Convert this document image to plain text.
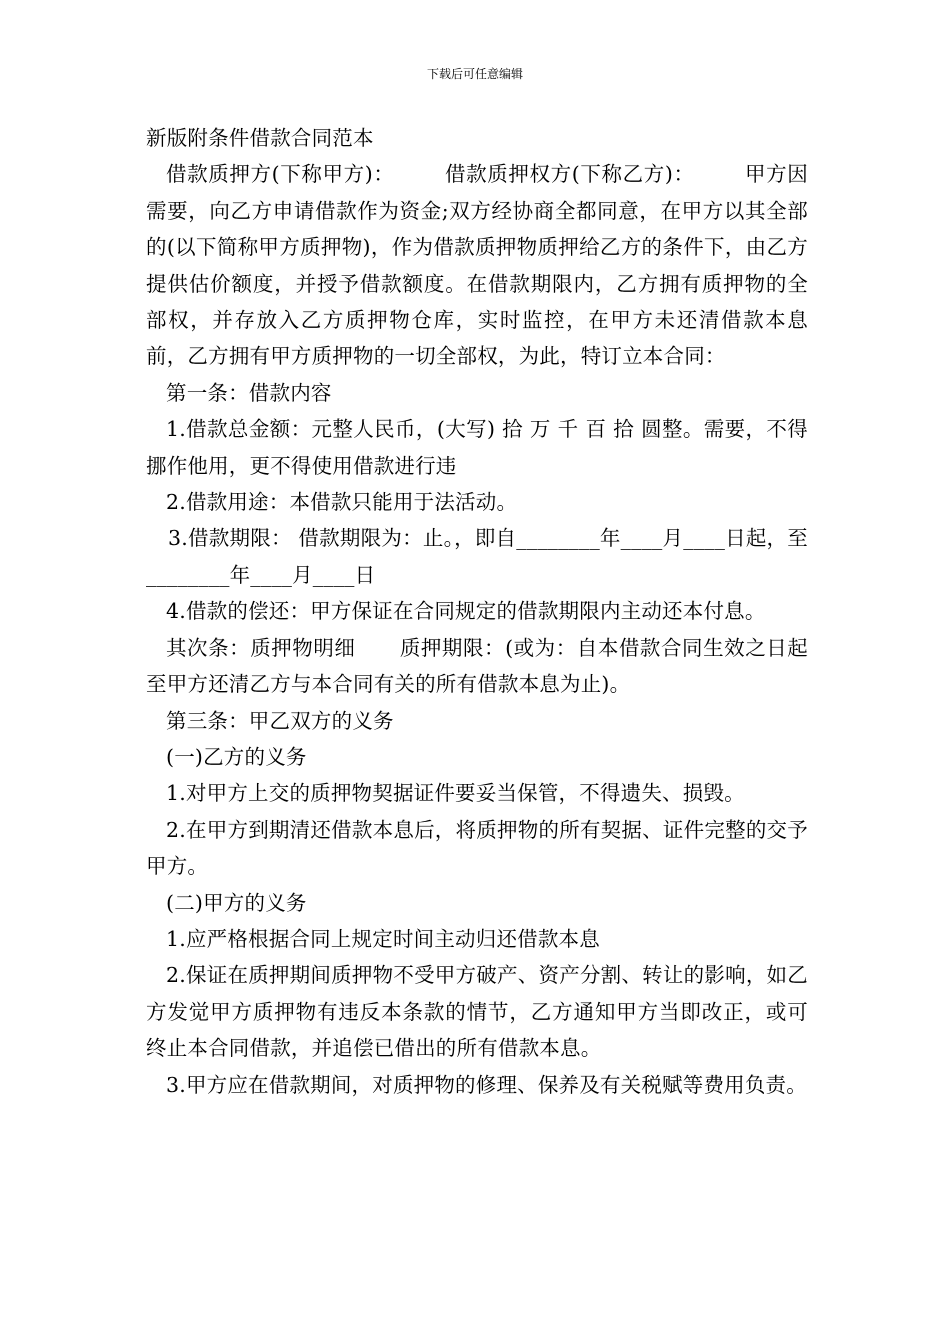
下载后可任意编辑

新版附条件借款合同范本

借款质押方(下称甲方)： 借款质押权方(下称乙方)： 甲方因需要，向乙方申请借款作为资金;双方经协商全都同意，在甲方以其全部的(以下简称甲方质押物)，作为借款质押物质押给乙方的条件下，由乙方提供估价额度，并授予借款额度。在借款期限内，乙方拥有质押物的全部权，并存放入乙方质押物仓库，实时监控，在甲方未还清借款本息前，乙方拥有甲方质押物的一切全部权，为此，特订立本合同：

第一条：借款内容

1.借款总金额：元整人民币，(大写) 拾 万 千 百 拾 圆整。需要，不得挪作他用，更不得使用借款进行违

2.借款用途：本借款只能用于法活动。

3.借款期限： 借款期限为：止。，即自________年____月____日起，至________年____月____日

4.借款的偿还：甲方保证在合同规定的借款期限内主动还本付息。

其次条：质押物明细 质押期限：(或为：自本借款合同生效之日起至甲方还清乙方与本合同有关的所有借款本息为止)。

第三条：甲乙双方的义务

(一)乙方的义务

1.对甲方上交的质押物契据证件要妥当保管，不得遗失、损毁。

2.在甲方到期清还借款本息后，将质押物的所有契据、证件完整的交予甲方。

(二)甲方的义务

1.应严格根据合同上规定时间主动归还借款本息

2.保证在质押期间质押物不受甲方破产、资产分割、转让的影响，如乙方发觉甲方质押物有违反本条款的情节，乙方通知甲方当即改正，或可终止本合同借款，并追偿已借出的所有借款本息。

3.甲方应在借款期间，对质押物的修理、保养及有关税赋等费用负责。
